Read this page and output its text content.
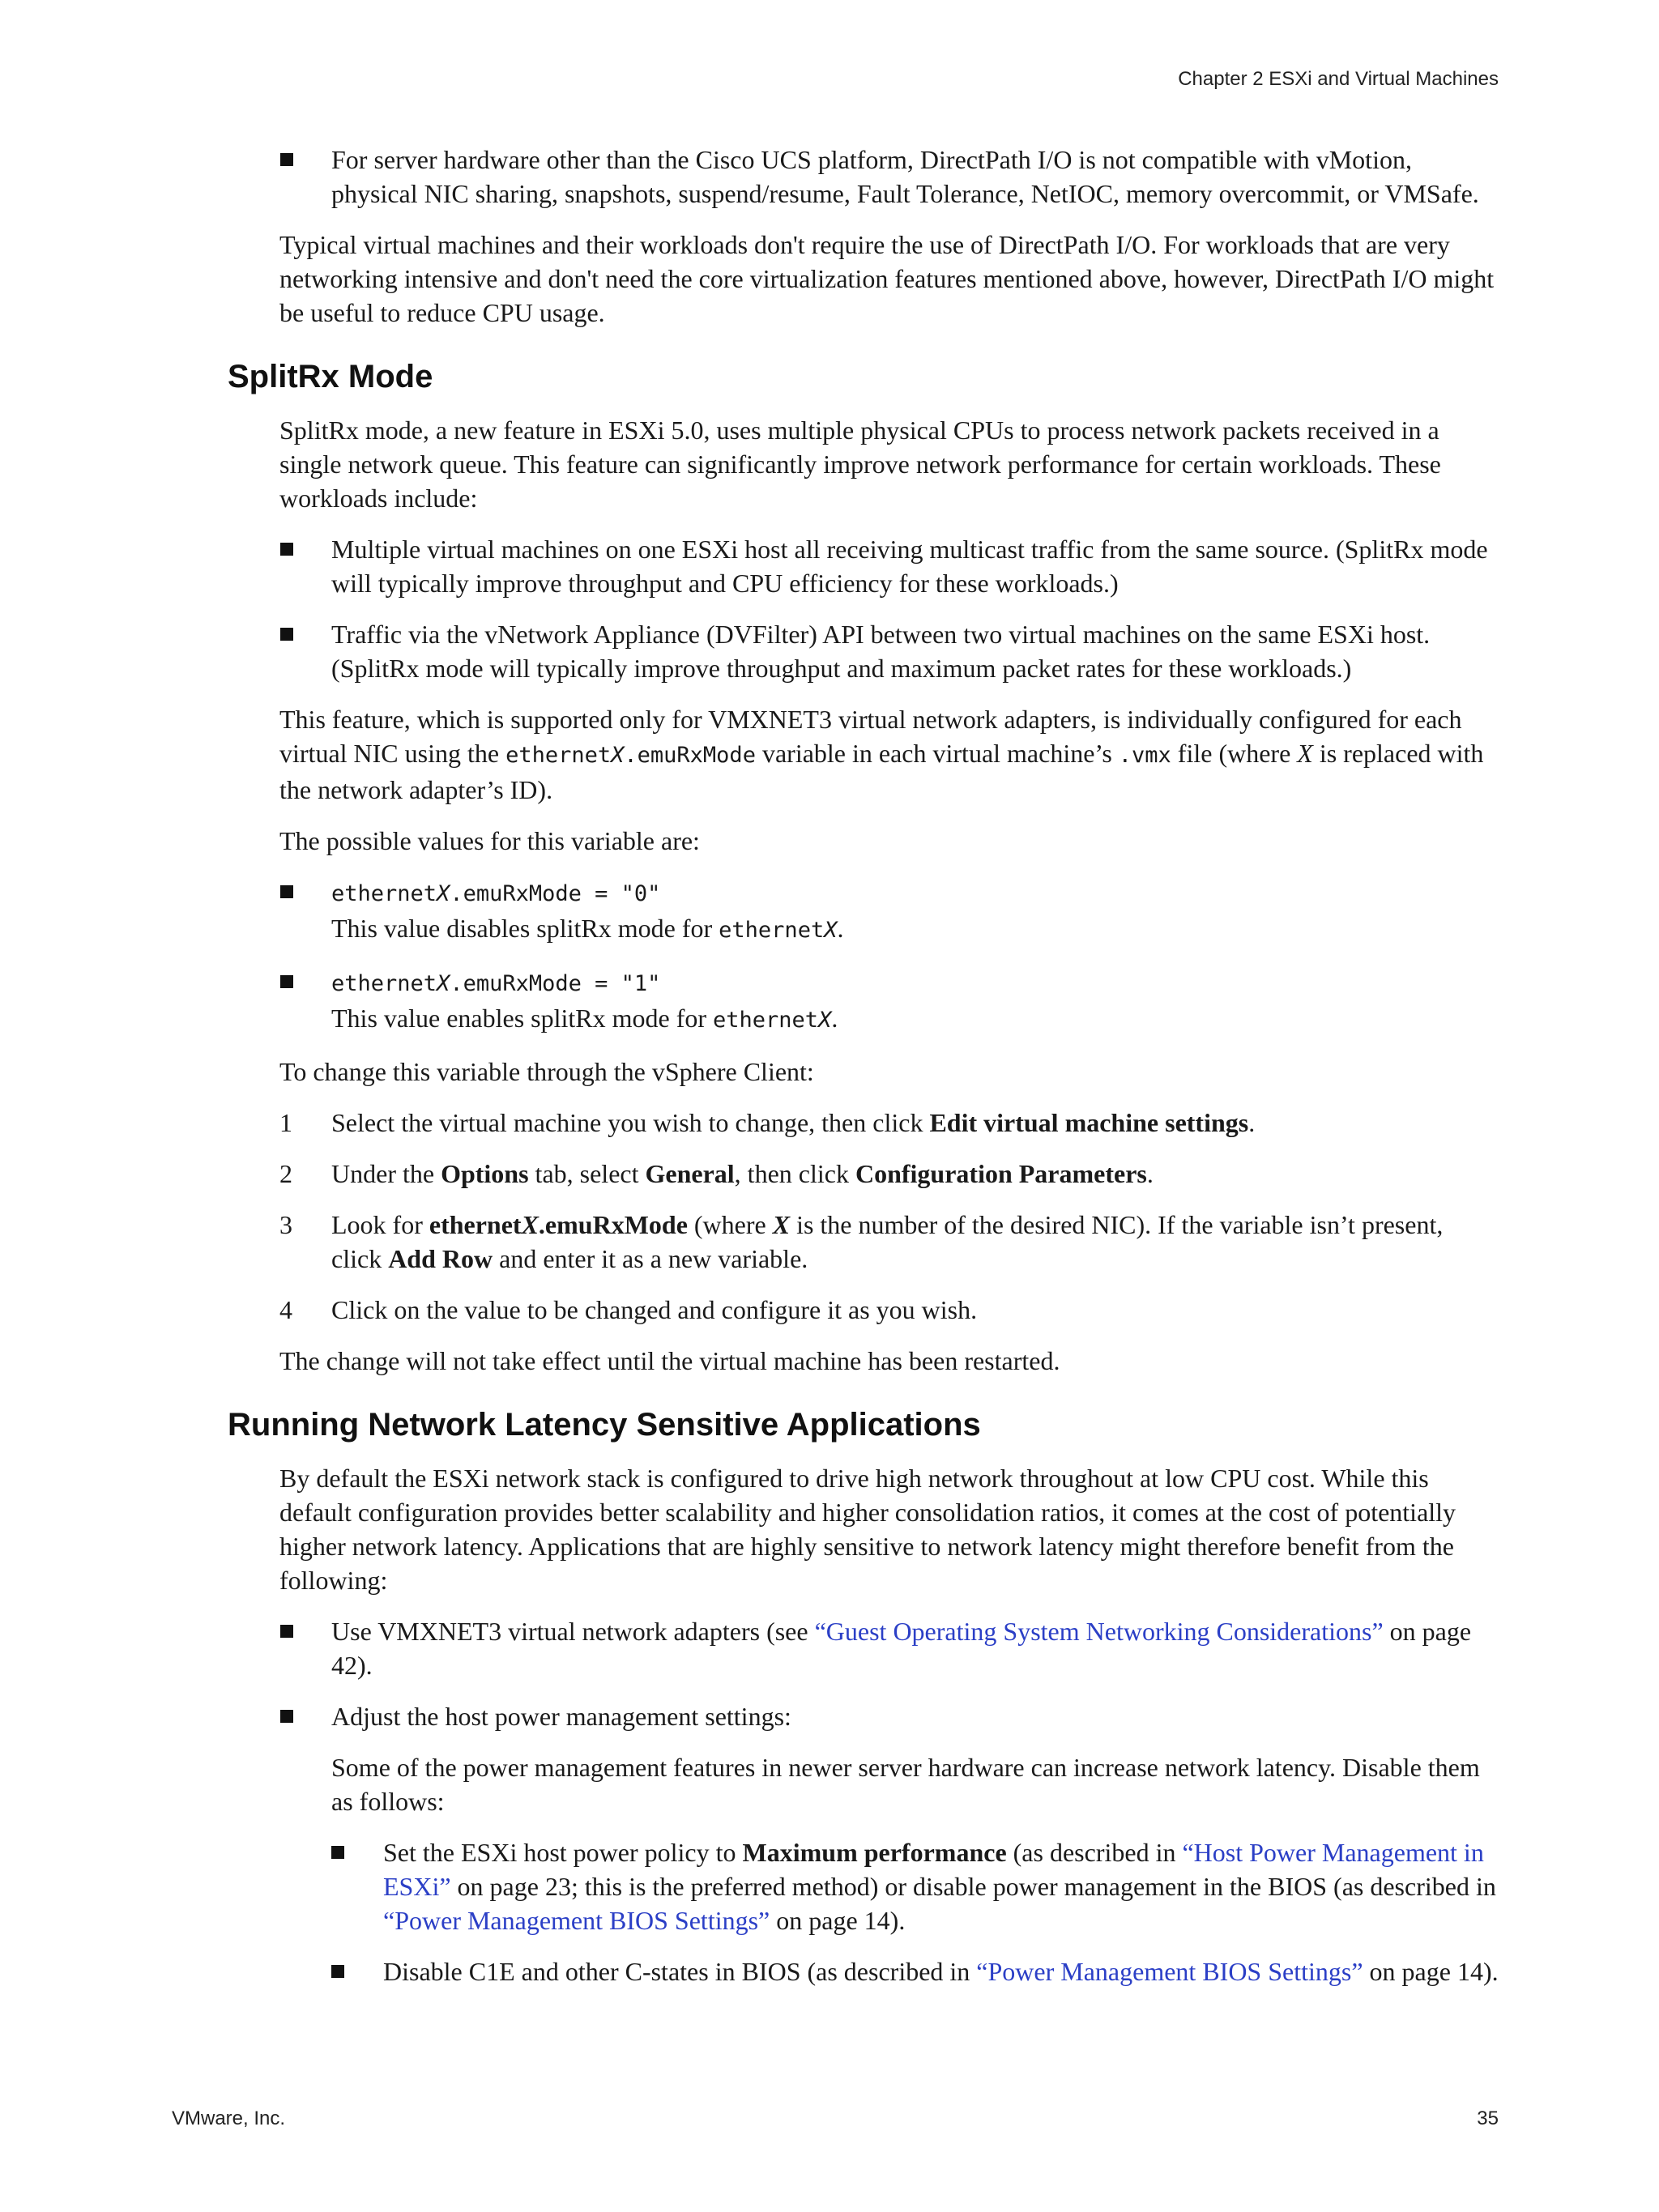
Chapter 2 ESXi and Virtual Machines
For server hardware other than the Cisco UCS platform, DirectPath I/O is not compatible with vMotion, physical NIC sharing, snapshots, suspend/resume, Fault Tolerance, NetIOC, memory overcommit, or VMSafe.

Typical virtual machines and their workloads don't require the use of DirectPath I/O. For workloads that are very networking intensive and don't need the core virtualization features mentioned above, however, DirectPath I/O might be useful to reduce CPU usage.

SplitRx Mode

SplitRx mode, a new feature in ESXi 5.0, uses multiple physical CPUs to process network packets received in a single network queue. This feature can significantly improve network performance for certain workloads. These workloads include:

Multiple virtual machines on one ESXi host all receiving multicast traffic from the same source. (SplitRx mode will typically improve throughput and CPU efficiency for these workloads.)
Traffic via the vNetwork Appliance (DVFilter) API between two virtual machines on the same ESXi host. (SplitRx mode will typically improve throughput and maximum packet rates for these workloads.)

This feature, which is supported only for VMXNET3 virtual network adapters, is individually configured for each virtual NIC using the ethernetX.emuRxMode variable in each virtual machine’s .vmx file (where X is replaced with the network adapter’s ID).

The possible values for this variable are:

ethernetX.emuRxMode = "0"
This value disables splitRx mode for ethernetX.
ethernetX.emuRxMode = "1"
This value enables splitRx mode for ethernetX.

To change this variable through the vSphere Client:

1 Select the virtual machine you wish to change, then click Edit virtual machine settings.
2 Under the Options tab, select General, then click Configuration Parameters.
3 Look for ethernetX.emuRxMode (where X is the number of the desired NIC). If the variable isn’t present, click Add Row and enter it as a new variable.
4 Click on the value to be changed and configure it as you wish.

The change will not take effect until the virtual machine has been restarted.

Running Network Latency Sensitive Applications

By default the ESXi network stack is configured to drive high network throughout at low CPU cost. While this default configuration provides better scalability and higher consolidation ratios, it comes at the cost of potentially higher network latency. Applications that are highly sensitive to network latency might therefore benefit from the following:

Use VMXNET3 virtual network adapters (see “Guest Operating System Networking Considerations” on page 42).
Adjust the host power management settings:
Some of the power management features in newer server hardware can increase network latency. Disable them as follows:
Set the ESXi host power policy to Maximum performance (as described in “Host Power Management in ESXi” on page 23; this is the preferred method) or disable power management in the BIOS (as described in “Power Management BIOS Settings” on page 14).
Disable C1E and other C-states in BIOS (as described in “Power Management BIOS Settings” on page 14).
VMware, Inc.	35
